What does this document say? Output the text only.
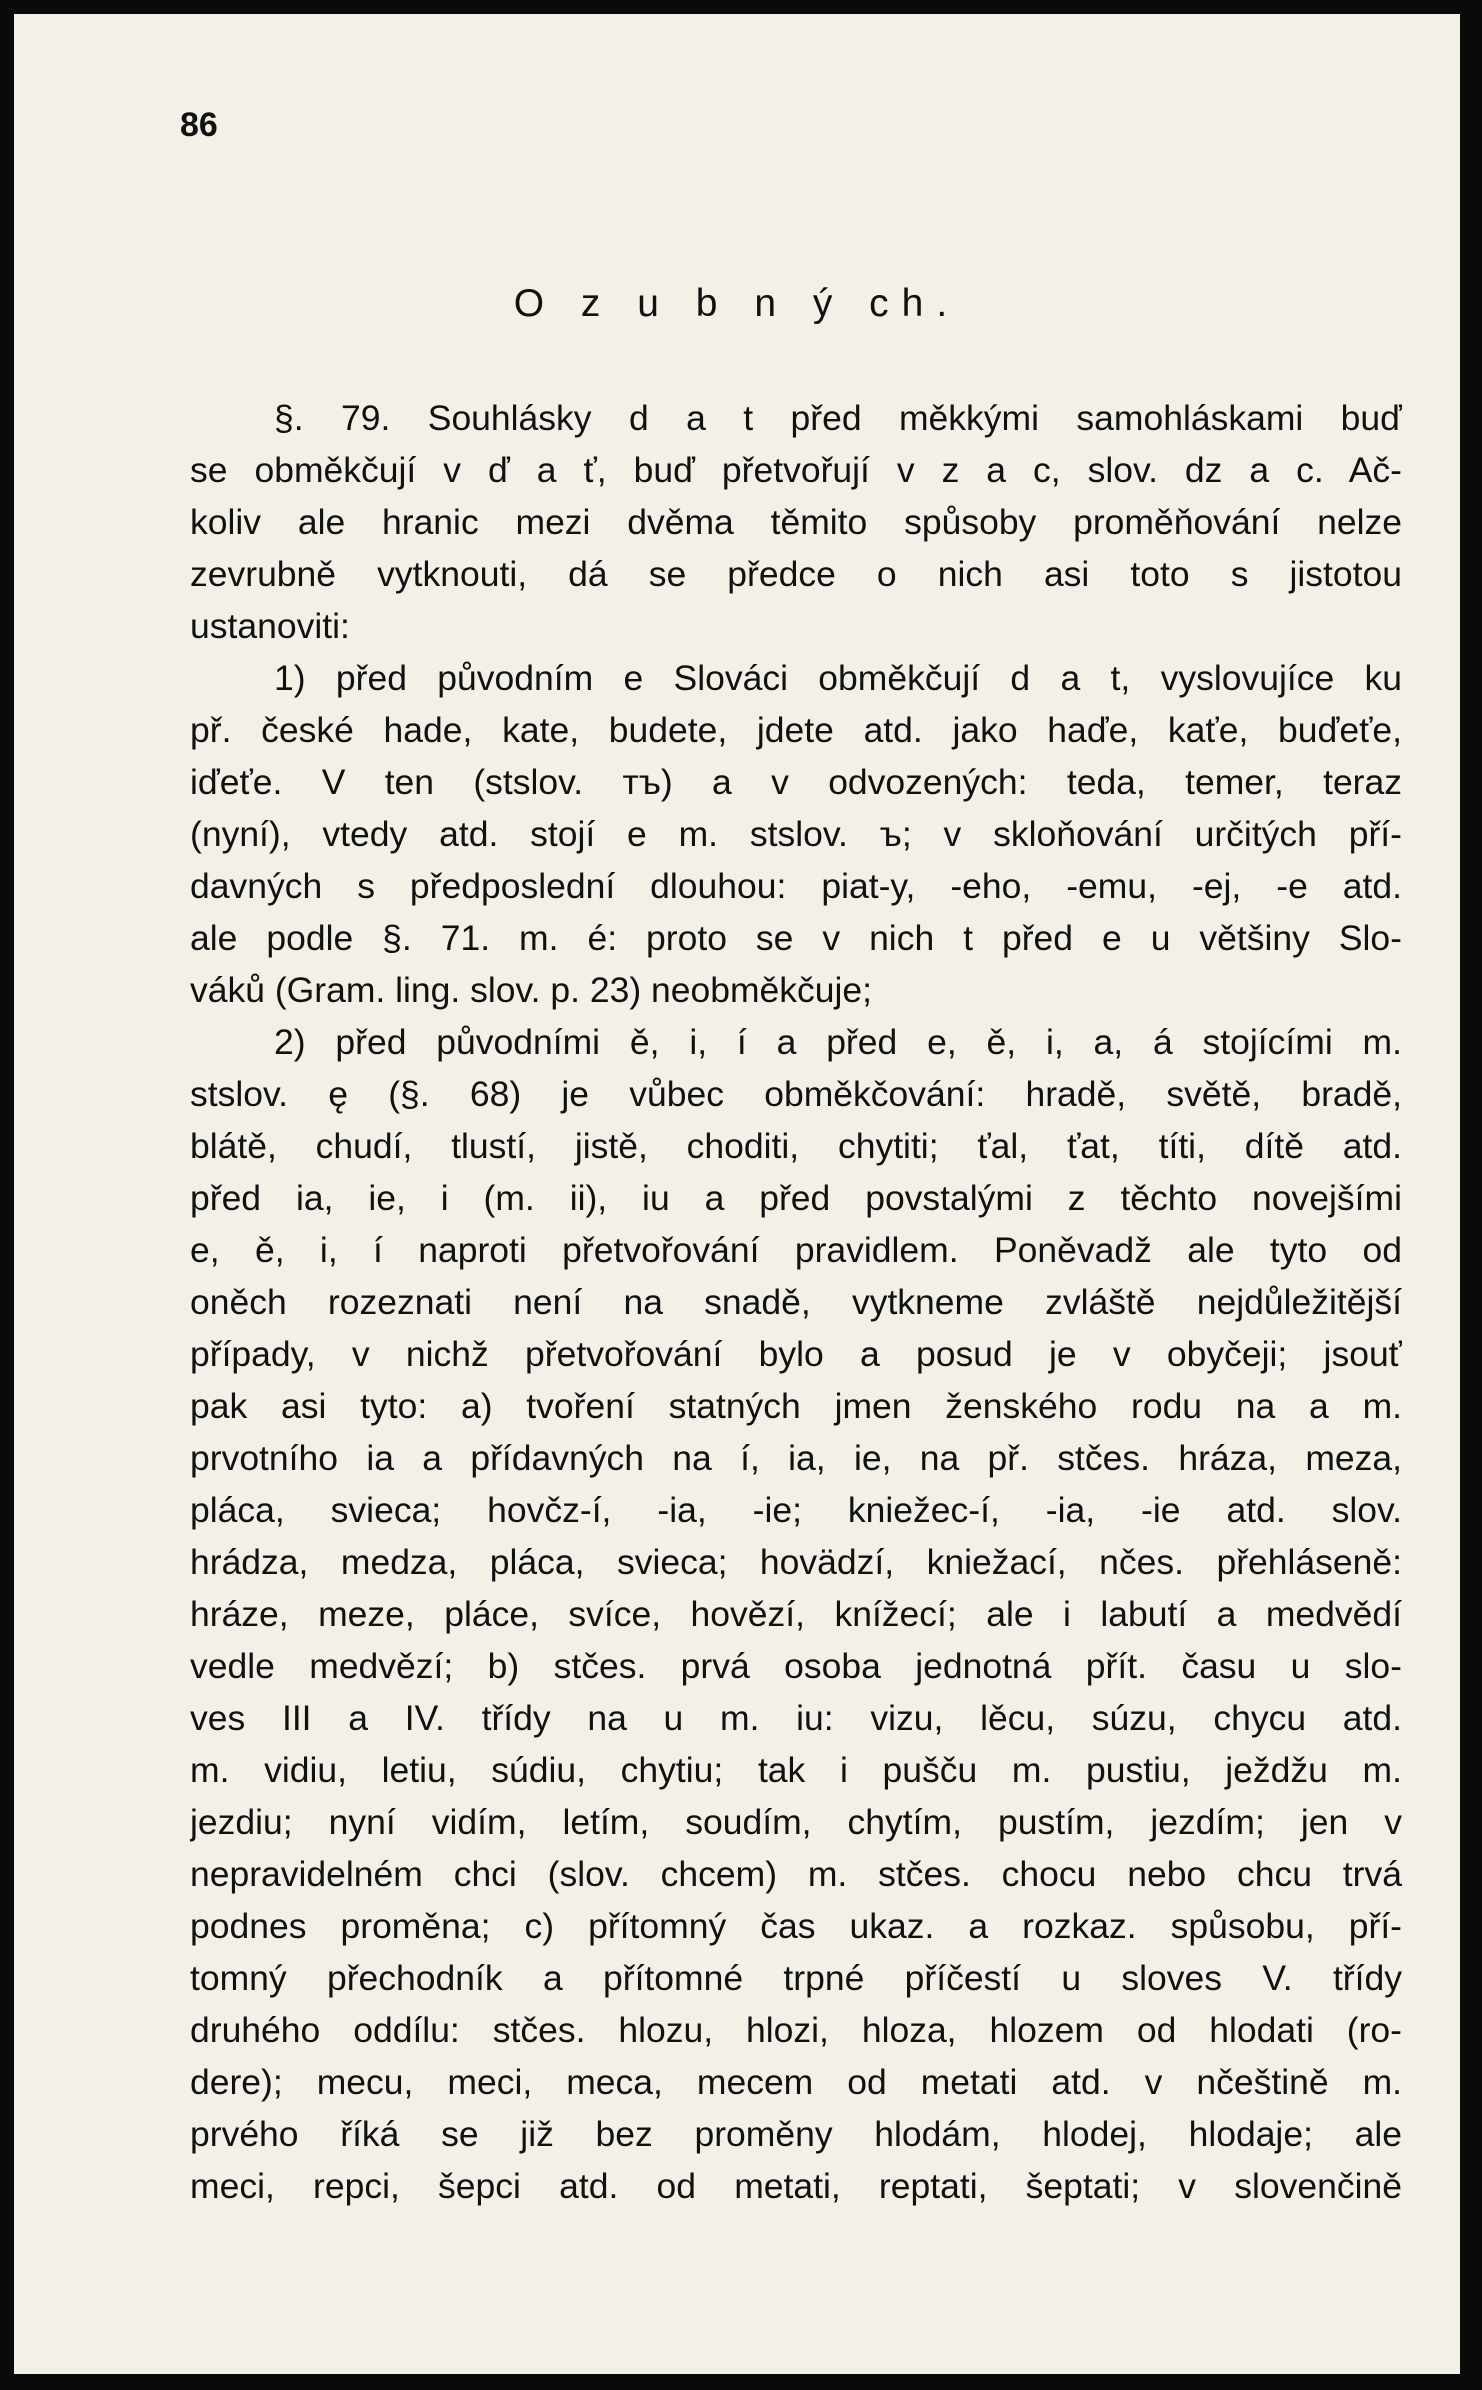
86
O z u b n ý ch.
§. 79. Souhlásky d a t před měkkými samohláskami buď
se obměkčují v ď a ť, buď přetvořují v z a c, slov. dz a c. Ač-
koliv ale hranic mezi dvěma těmito spůsoby proměňování nelze
zevrubně vytknouti, dá se předce o nich asi toto s jistotou
ustanoviti:
1) před původním e Slováci obměkčují d a t, vyslovujíce ku
př. české hade, kate, budete, jdete atd. jako haďe, kaťe, buďeťe,
iďeťe. V ten (stslov. тъ) a v odvozených: teda, temer, teraz
(nyní), vtedy atd. stojí e m. stslov. ъ; v skloňování určitých pří-
davných s předposlední dlouhou: piat-y, -eho, -emu, -ej, -e atd.
ale podle §. 71. m. é: proto se v nich t před e u většiny Slo-
váků (Gram. ling. slov. p. 23) neobměkčuje;
2) před původními ě, i, í a před e, ě, i, a, á stojícími m.
stslov. ę (§. 68) je vůbec obměkčování: hradě, světě, bradě,
blátě, chudí, tlustí, jistě, choditi, chytiti; ťal, ťat, títi, dítě atd.
před ia, ie, i (m. ii), iu a před povstalými z těchto novejšími
e, ě, i, í naproti přetvořování pravidlem. Poněvadž ale tyto od
oněch rozeznati není na snadě, vytkneme zvláště nejdůležitější
případy, v nichž přetvořování bylo a posud je v obyčeji; jsouť
pak asi tyto: a) tvoření statných jmen ženského rodu na a m.
prvotního ia a přídavných na í, ia, ie, na př. stčes. hráza, meza,
pláca, svieca; hovčz-í, -ia, -ie; kniežec-í, -ia, -ie atd. slov.
hrádza, medza, pláca, svieca; hovädzí, kniežací, nčes. přehláseně:
hráze, meze, pláce, svíce, hovězí, knížecí; ale i labutí a medvědí
vedle medvězí; b) stčes. prvá osoba jednotná přít. času u slo-
ves III a IV. třídy na u m. iu: vizu, lěcu, súzu, chycu atd.
m. vidiu, letiu, súdiu, chytiu; tak i pušču m. pustiu, ježdžu m.
jezdiu; nyní vidím, letím, soudím, chytím, pustím, jezdím; jen v
nepravidelném chci (slov. chcem) m. stčes. chocu nebo chcu trvá
podnes proměna; c) přítomný čas ukaz. a rozkaz. spůsobu, pří-
tomný přechodník a přítomné trpné příčestí u sloves V. třídy
druhého oddílu: stčes. hlozu, hlozi, hloza, hlozem od hlodati (ro-
dere); mecu, meci, meca, mecem od metati atd. v nčeštině m.
prvého říká se již bez proměny hlodám, hlodej, hlodaje; ale
meci, repci, šepci atd. od metati, reptati, šeptati; v slovenčině
